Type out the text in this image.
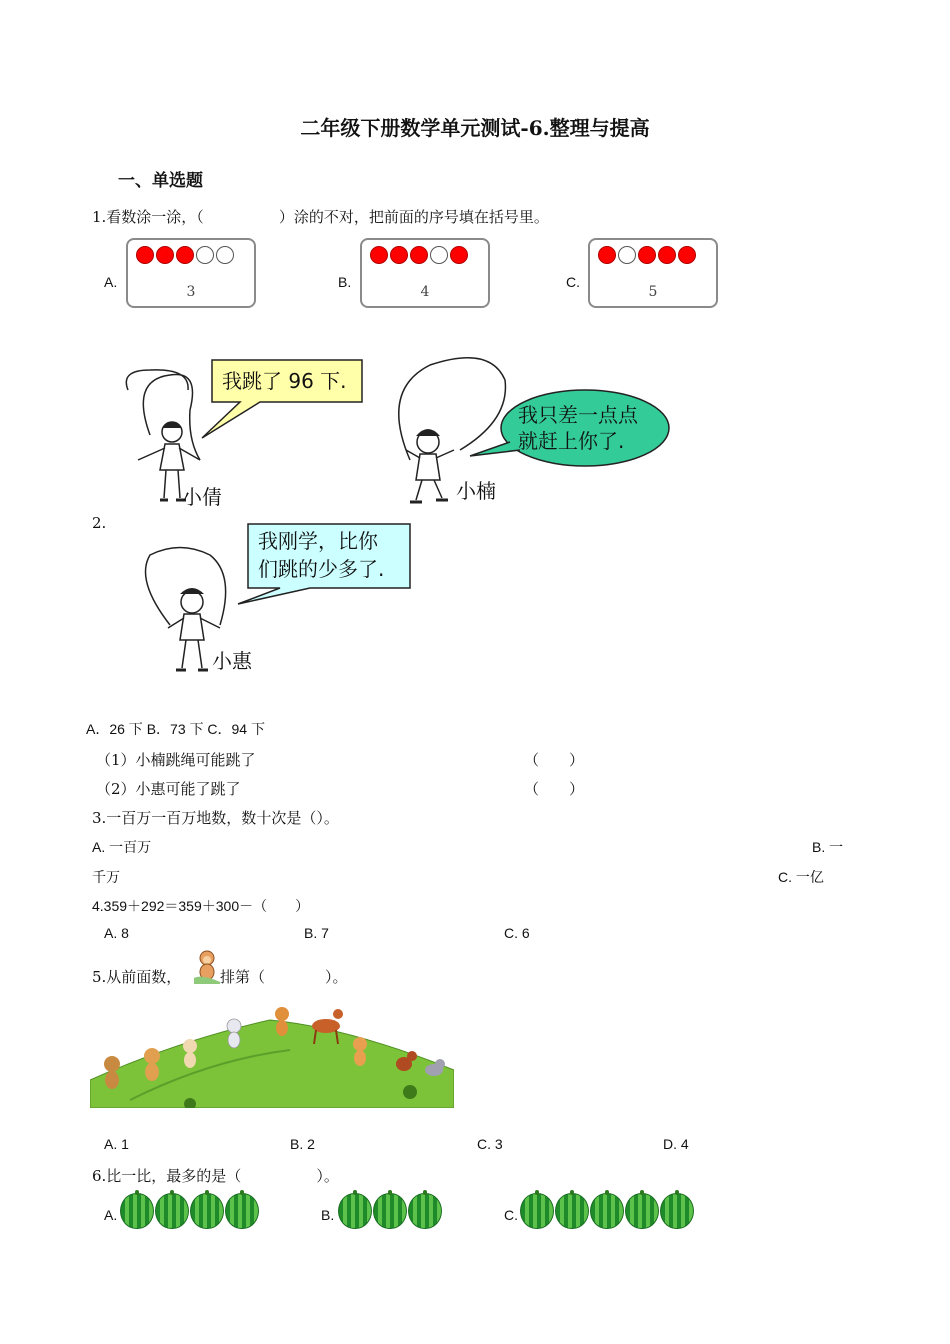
二年级下册数学单元测试-6.整理与提高
一、单选题
1.看数涂一涂，（　　　　　）涂的不对，把前面的序号填在括号里。
A.
3
B.
4
C.
5
我跳了 96 下.
我只差一点点
就赶上你了.
我刚学，比你
们跳的少多了.
小倩	小楠
小惠
2.
A．26 下 B．73 下 C．94 下
（1）小楠跳绳可能跳了	（　　）
（2）小惠可能了跳了	（　　）
3.一百万一百万地数，数十次是（）。
A. 一百万	B. 一
千万	C. 一亿
4.359＋292＝359＋300－（　　）
A. 8	B. 7	C. 6
5.从前面数，	排第（　　　　）。
A. 1	B. 2	C. 3	D. 4
6.比一比，最多的是（　　　　　）。
A.	B.	C.
